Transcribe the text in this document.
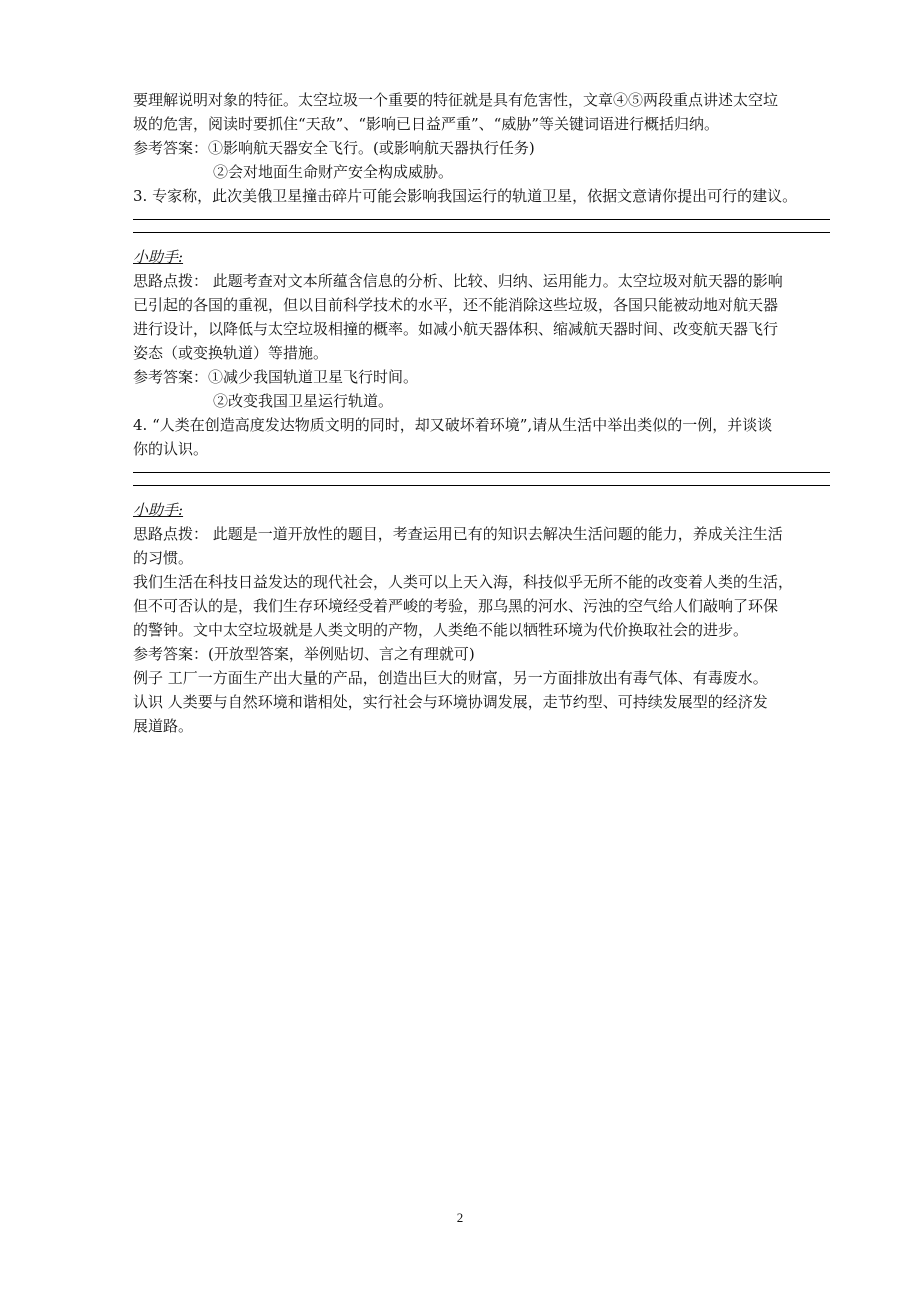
要理解说明对象的特征。太空垃圾一个重要的特征就是具有危害性，文章④⑤两段重点讲述太空垃

圾的危害，阅读时要抓住“天敌”、“影响已日益严重”、“威胁”等关键词语进行概括归纳。

参考答案：①影响航天器安全飞行。(或影响航天器执行任务)

②会对地面生命财产安全构成威胁。

3. 专家称，此次美俄卫星撞击碎片可能会影响我国运行的轨道卫星，依据文意请你提出可行的建议。

小助手:

思路点拨： 此题考查对文本所蕴含信息的分析、比较、归纳、运用能力。太空垃圾对航天器的影响

已引起的各国的重视，但以目前科学技术的水平，还不能消除这些垃圾，各国只能被动地对航天器

进行设计，以降低与太空垃圾相撞的概率。如减小航天器体积、缩减航天器时间、改变航天器飞行

姿态（或变换轨道）等措施。

参考答案：①减少我国轨道卫星飞行时间。

②改变我国卫星运行轨道。

4. “人类在创造高度发达物质文明的同时，却又破坏着环境”,请从生活中举出类似的一例，并谈谈

你的认识。

小助手:

思路点拨： 此题是一道开放性的题目，考查运用已有的知识去解决生活问题的能力，养成关注生活

的习惯。

我们生活在科技日益发达的现代社会，人类可以上天入海，科技似乎无所不能的改变着人类的生活，

但不可否认的是，我们生存环境经受着严峻的考验，那乌黑的河水、污浊的空气给人们敲响了环保

的警钟。文中太空垃圾就是人类文明的产物，人类绝不能以牺牲环境为代价换取社会的进步。

参考答案：(开放型答案，举例贴切、言之有理就可)

例子 工厂一方面生产出大量的产品，创造出巨大的财富，另一方面排放出有毒气体、有毒废水。

认识 人类要与自然环境和谐相处，实行社会与环境协调发展，走节约型、可持续发展型的经济发

展道路。

2
